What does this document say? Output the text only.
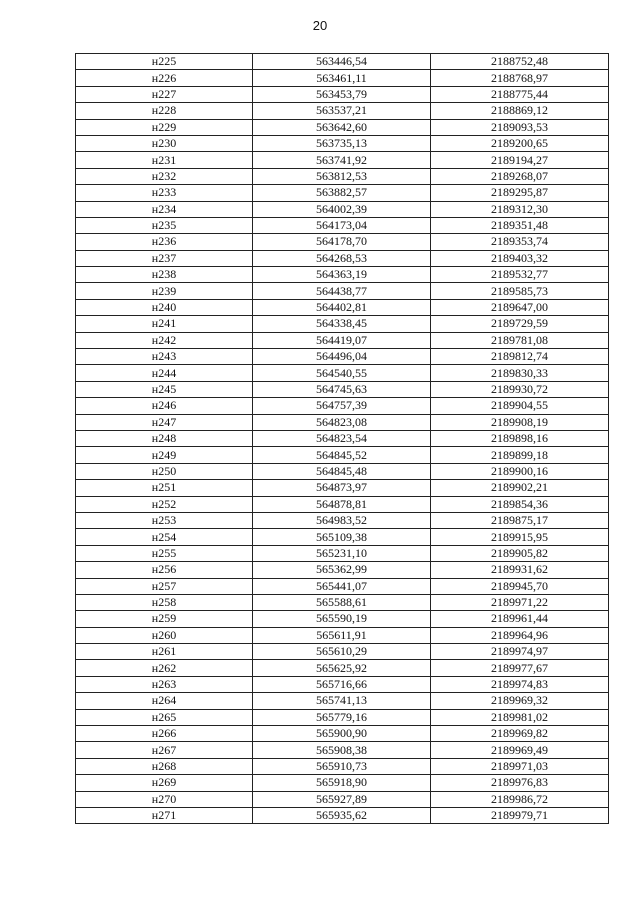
20
н225	563446,54	2188752,48
н226	563461,11	2188768,97
н227	563453,79	2188775,44
н228	563537,21	2188869,12
н229	563642,60	2189093,53
н230	563735,13	2189200,65
н231	563741,92	2189194,27
н232	563812,53	2189268,07
н233	563882,57	2189295,87
н234	564002,39	2189312,30
н235	564173,04	2189351,48
н236	564178,70	2189353,74
н237	564268,53	2189403,32
н238	564363,19	2189532,77
н239	564438,77	2189585,73
н240	564402,81	2189647,00
н241	564338,45	2189729,59
н242	564419,07	2189781,08
н243	564496,04	2189812,74
н244	564540,55	2189830,33
н245	564745,63	2189930,72
н246	564757,39	2189904,55
н247	564823,08	2189908,19
н248	564823,54	2189898,16
н249	564845,52	2189899,18
н250	564845,48	2189900,16
н251	564873,97	2189902,21
н252	564878,81	2189854,36
н253	564983,52	2189875,17
н254	565109,38	2189915,95
н255	565231,10	2189905,82
н256	565362,99	2189931,62
н257	565441,07	2189945,70
н258	565588,61	2189971,22
н259	565590,19	2189961,44
н260	565611,91	2189964,96
н261	565610,29	2189974,97
н262	565625,92	2189977,67
н263	565716,66	2189974,83
н264	565741,13	2189969,32
н265	565779,16	2189981,02
н266	565900,90	2189969,82
н267	565908,38	2189969,49
н268	565910,73	2189971,03
н269	565918,90	2189976,83
н270	565927,89	2189986,72
н271	565935,62	2189979,71
